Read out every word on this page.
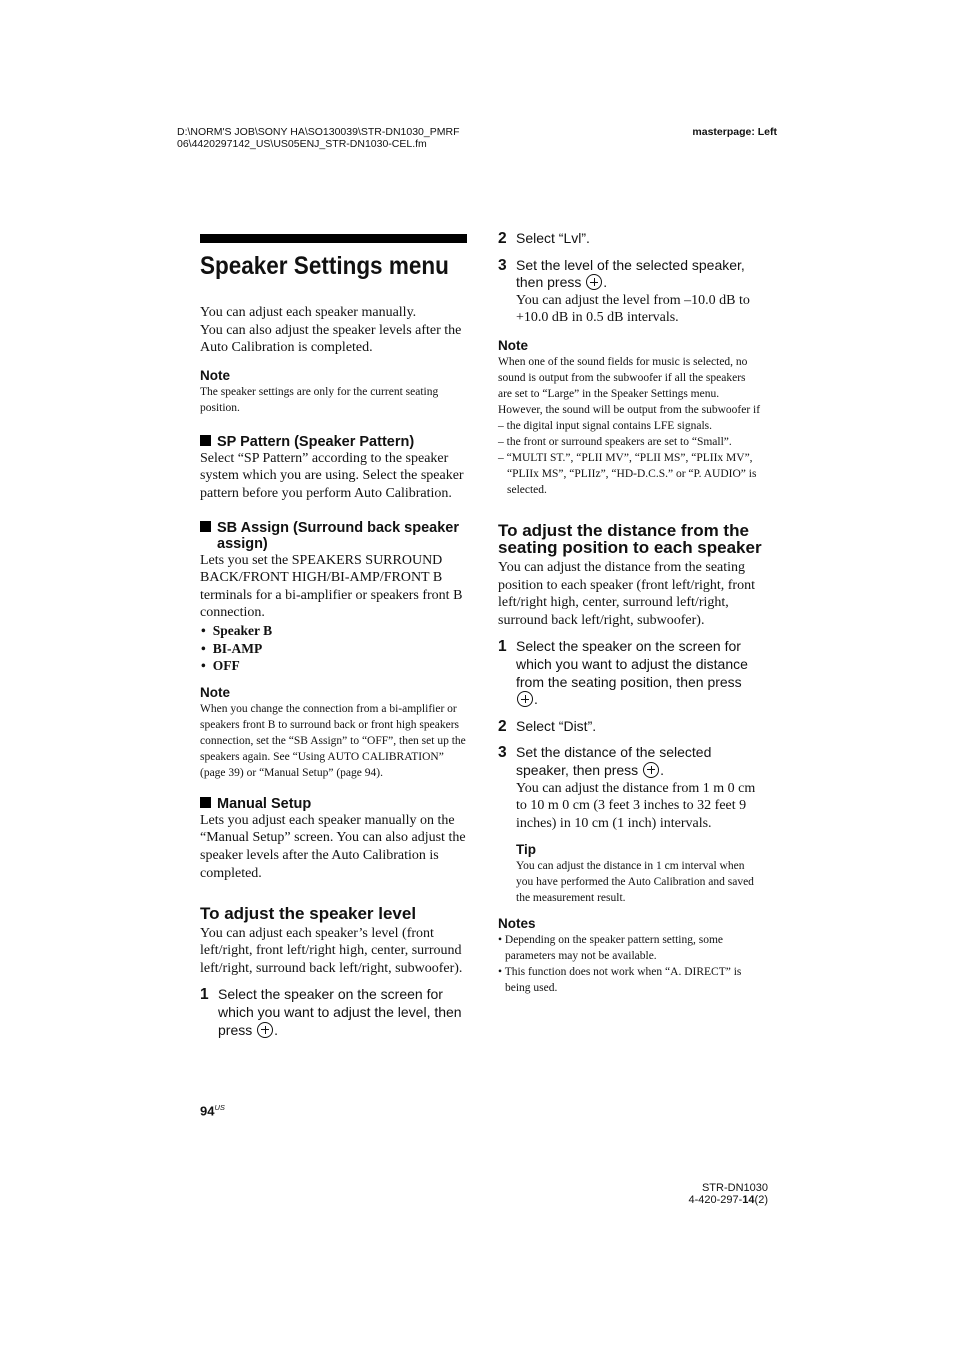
D:\NORM'S JOB\SONY HA\SO130039\STR-DN1030_PMRF
06\4420297142_US\US05ENJ_STR-DN1030-CEL.fm
masterpage: Left
Speaker Settings menu

You can adjust each speaker manually.

You can also adjust the speaker levels after the Auto Calibration is completed.

Note

The speaker settings are only for the current seating position.

SP Pattern (Speaker Pattern)

Select “SP Pattern” according to the speaker system which you are using. Select the speaker pattern before you perform Auto Calibration.

SB Assign (Surround back speaker assign)

Lets you set the SPEAKERS SURROUND BACK/FRONT HIGH/BI-AMP/FRONT B terminals for a bi-amplifier or speakers front B connection.

• Speaker B
• BI-AMP
• OFF

Note

When you change the connection from a bi-amplifier or speakers front B to surround back or front high speakers connection, set the “SB Assign” to “OFF”, then set up the speakers again. See “Using AUTO CALIBRATION” (page 39) or “Manual Setup” (page 94).

Manual Setup

Lets you adjust each speaker manually on the “Manual Setup” screen. You can also adjust the speaker levels after the Auto Calibration is completed.

To adjust the speaker level

You can adjust each speaker’s level (front left/right, front left/right high, center, surround left/right, surround back left/right, subwoofer).

1 Select the speaker on the screen for which you want to adjust the level, then press .
2 Select “Lvl”.
3 Set the level of the selected speaker, then press .

You can adjust the level from –10.0 dB to +10.0 dB in 0.5 dB intervals.

Note

When one of the sound fields for music is selected, no sound is output from the subwoofer if all the speakers are set to “Large” in the Speaker Settings menu. However, the sound will be output from the subwoofer if

– the digital input signal contains LFE signals.
– the front or surround speakers are set to “Small”.
– “MULTI ST.”, “PLII MV”, “PLII MS”, “PLIIx MV”, “PLIIx MS”, “PLIIz”, “HD-D.C.S.” or “P. AUDIO” is selected.

To adjust the distance from the seating position to each speaker

You can adjust the distance from the seating position to each speaker (front left/right, front left/right high, center, surround left/right, surround back left/right, subwoofer).

1 Select the speaker on the screen for which you want to adjust the distance from the seating position, then press .
2 Select “Dist”.
3 Set the distance of the selected speaker, then press .

You can adjust the distance from 1 m 0 cm to 10 m 0 cm (3 feet 3 inches to 32 feet 9 inches) in 10 cm (1 inch) intervals.

Tip

You can adjust the distance in 1 cm interval when you have performed the Auto Calibration and saved the measurement result.

Notes

• Depending on the speaker pattern setting, some parameters may not be available.
• This function does not work when “A. DIRECT” is being used.
$94^{US}$
STR-DN1030
4-420-297-14(2)
